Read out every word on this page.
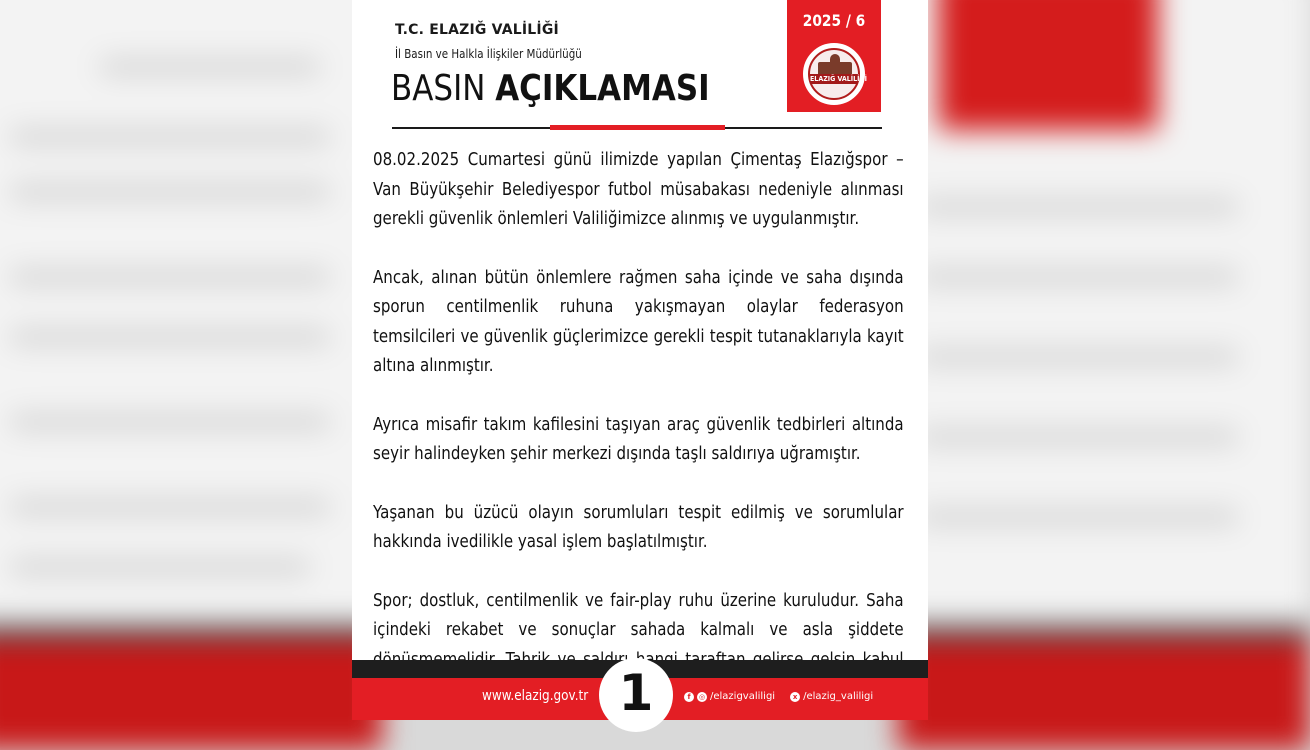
T.C. ELAZIĞ VALİLİĞİ
İl Basın ve Halkla İlişkiler Müdürlüğü
BASIN AÇIKLAMASI
2025 / 6
ELAZIĞ VALİLİĞİ

08.02.2025 Cumartesi günü ilimizde yapılan Çimentaş Elazığspor – Van Büyükşehir Belediyespor futbol müsabakası nedeniyle alınması gerekli güvenlik önlemleri Valiliğimizce alınmış ve uygulanmıştır.

Ancak, alınan bütün önlemlere rağmen saha içinde ve saha dışında sporun centilmenlik ruhuna yakışmayan olaylar federasyon temsilcileri ve güvenlik güçlerimizce gerekli tespit tutanaklarıyla kayıt altına alınmıştır.

Ayrıca misafir takım kafilesini taşıyan araç güvenlik tedbirleri altında seyir halindeyken şehir merkezi dışında taşlı saldırıya uğramıştır.

Yaşanan bu üzücü olayın sorumluları tespit edilmiş ve sorumlular hakkında ivedilikle yasal işlem başlatılmıştır.

Spor; dostluk, centilmenlik ve fair-play ruhu üzerine kuruludur. Saha içindeki rekabet ve sonuçlar sahada kalmalı ve asla şiddete

www.elazig.gov.tr 1	f	◎ /elazigvaliligi	x /elazig_valiligi
